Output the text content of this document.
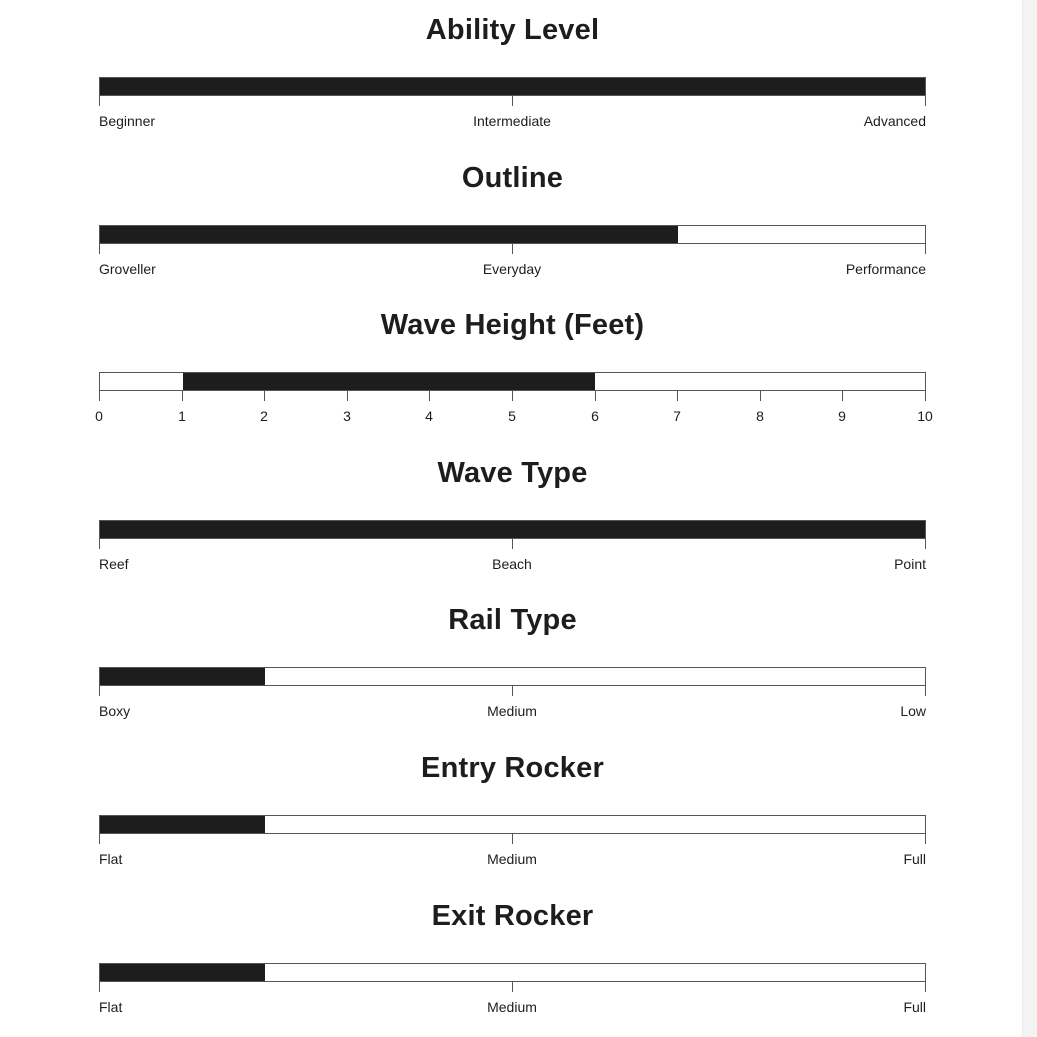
Ability Level
Beginner	Intermediate	Advanced
Outline
Groveller	Everyday	Performance
Wave Height (Feet)
0	1	2	3	4	5	6	7	8	9	10
Wave Type
Reef	Beach	Point
Rail Type
Boxy	Medium	Low
Entry Rocker
Flat	Medium	Full
Exit Rocker
Flat	Medium	Full
